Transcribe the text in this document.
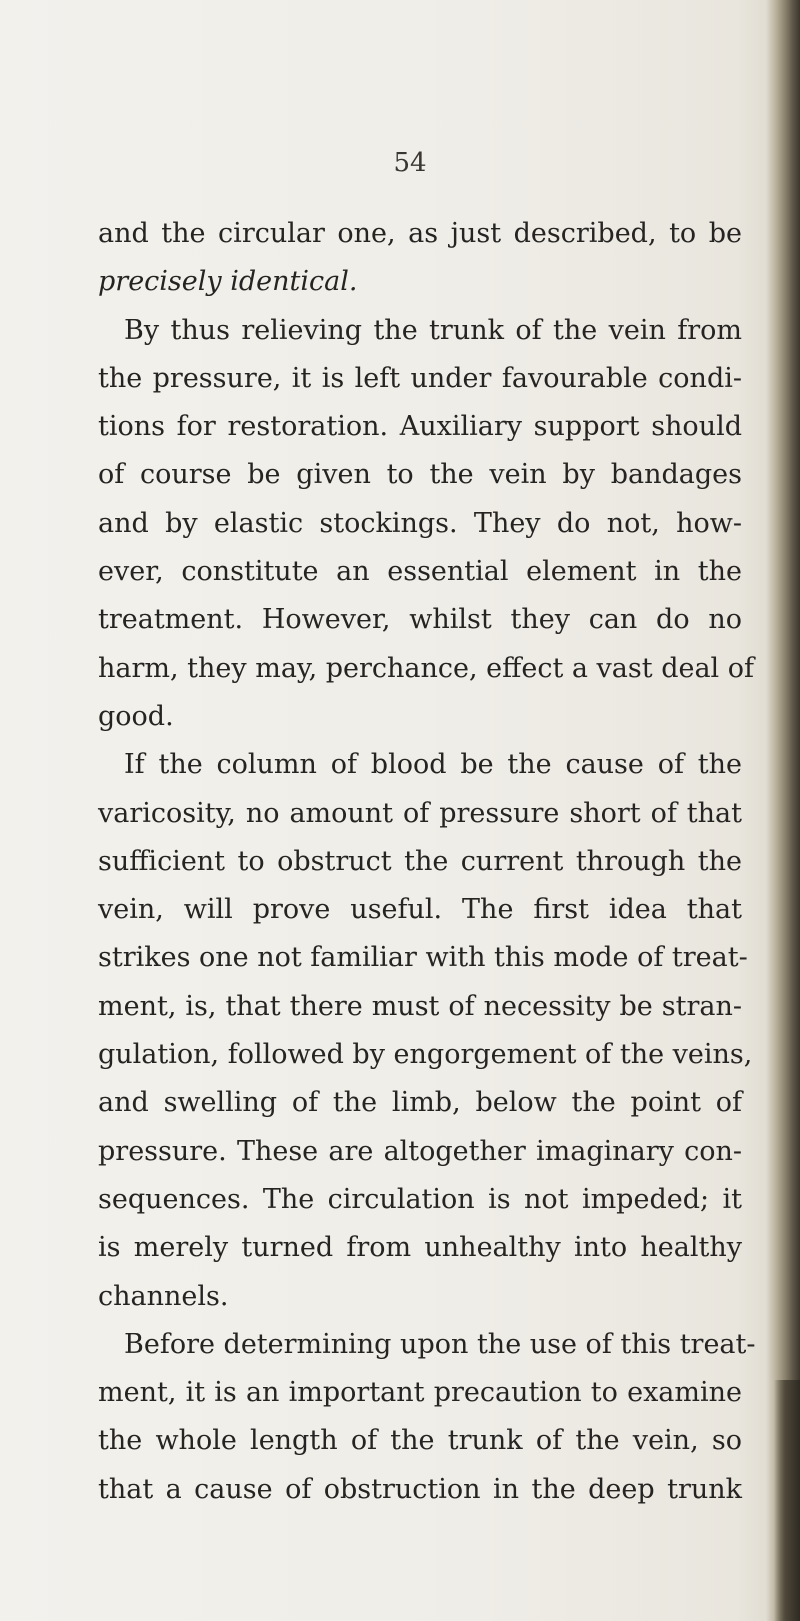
54
and the circular one, as just described, to be
precisely identical.
By thus relieving the trunk of the vein from
the pressure, it is left under favourable condi-
tions for restoration. Auxiliary support should
of course be given to the vein by bandages
and by elastic stockings. They do not, how-
ever, constitute an essential element in the
treatment. However, whilst they can do no
harm, they may, perchance, effect a vast deal of
good.
If the column of blood be the cause of the
varicosity, no amount of pressure short of that
sufficient to obstruct the current through the
vein, will prove useful. The first idea that
strikes one not familiar with this mode of treat-
ment, is, that there must of necessity be stran-
gulation, followed by engorgement of the veins,
and swelling of the limb, below the point of
pressure. These are altogether imaginary con-
sequences. The circulation is not impeded; it
is merely turned from unhealthy into healthy
channels.
Before determining upon the use of this treat-
ment, it is an important precaution to examine
the whole length of the trunk of the vein, so
that a cause of obstruction in the deep trunk
